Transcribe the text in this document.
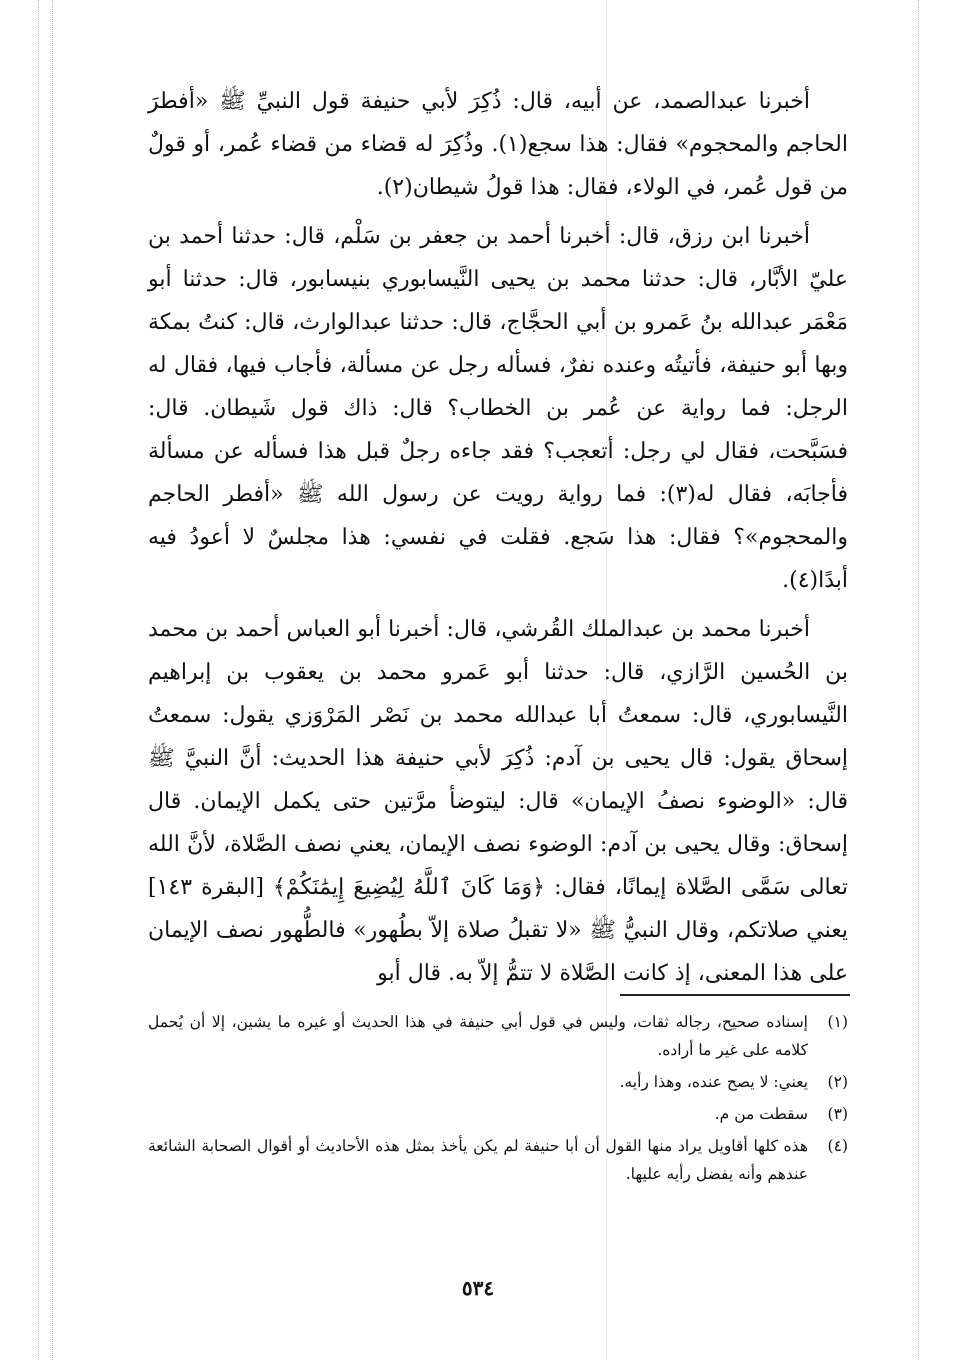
أخبرنا عبدالصمد، عن أبيه، قال: ذُكِرَ لأبي حنيفة قول النبيِّ ﷺ «أفطرَ الحاجم والمحجوم» فقال: هذا سجع(١). وذُكِرَ له قضاء من قضاء عُمر، أو قولٌ من قول عُمر، في الولاء، فقال: هذا قولُ شيطان(٢).

أخبرنا ابن رزق، قال: أخبرنا أحمد بن جعفر بن سَلْم، قال: حدثنا أحمد بن عليّ الأبَّار، قال: حدثنا محمد بن يحيى النَّيسابوري بنيسابور، قال: حدثنا أبو مَعْمَر عبدالله بنُ عَمرو بن أبي الحجَّاج، قال: حدثنا عبدالوارث، قال: كنتُ بمكة وبها أبو حنيفة، فأتيتُه وعنده نفرٌ، فسأله رجل عن مسألة، فأجاب فيها، فقال له الرجل: فما رواية عن عُمر بن الخطاب؟ قال: ذاك قول شَيطان. قال: فسَبَّحت، فقال لي رجل: أتعجب؟ فقد جاءه رجلٌ قبل هذا فسأله عن مسألة فأجابَه، فقال له(٣): فما رواية رويت عن رسول الله ﷺ «أفطر الحاجم والمحجوم»؟ فقال: هذا سَجع. فقلت في نفسي: هذا مجلسٌ لا أعودُ فيه أبدًا(٤).

أخبرنا محمد بن عبدالملك القُرشي، قال: أخبرنا أبو العباس أحمد بن محمد بن الحُسين الرَّازي، قال: حدثنا أبو عَمرو محمد بن يعقوب بن إبراهيم النَّيسابوري، قال: سمعتُ أبا عبدالله محمد بن نَصْر المَرْوَزي يقول: سمعتُ إسحاق يقول: قال يحيى بن آدم: ذُكِرَ لأبي حنيفة هذا الحديث: أنَّ النبيَّ ﷺ قال: «الوضوء نصفُ الإيمان» قال: ليتوضأ مرَّتين حتى يكمل الإيمان. قال إسحاق: وقال يحيى بن آدم: الوضوء نصف الإيمان، يعني نصف الصَّلاة، لأنَّ الله تعالى سَمَّى الصَّلاة إيمانًا، فقال: ﴿وَمَا كَانَ ٱللَّهُ لِيُضِيعَ إِيمَٰنَكُمْ﴾ [البقرة ١٤٣] يعني صلاتكم، وقال النبيُّ ﷺ «لا تقبلُ صلاة إلاّ بطُهور» فالطُّهور نصف الإيمان على هذا المعنى، إذ كانت الصَّلاة لا تتمُّ إلاّ به. قال أبو

(١)
إسناده صحيح، رجاله ثقات، وليس في قول أبي حنيفة في هذا الحديث أو غيره ما يشين، إلا أن يُحمل كلامه على غير ما أراده.
(٢)
يعني: لا يصح عنده، وهذا رأيه.
(٣)
سقطت من م.
(٤)
هذه كلها أقاويل يراد منها القول أن أبا حنيفة لم يكن يأخذ بمثل هذه الأحاديث أو أقوال الصحابة الشائعة عندهم وأنه يفضل رأيه عليها.
٥٣٤
